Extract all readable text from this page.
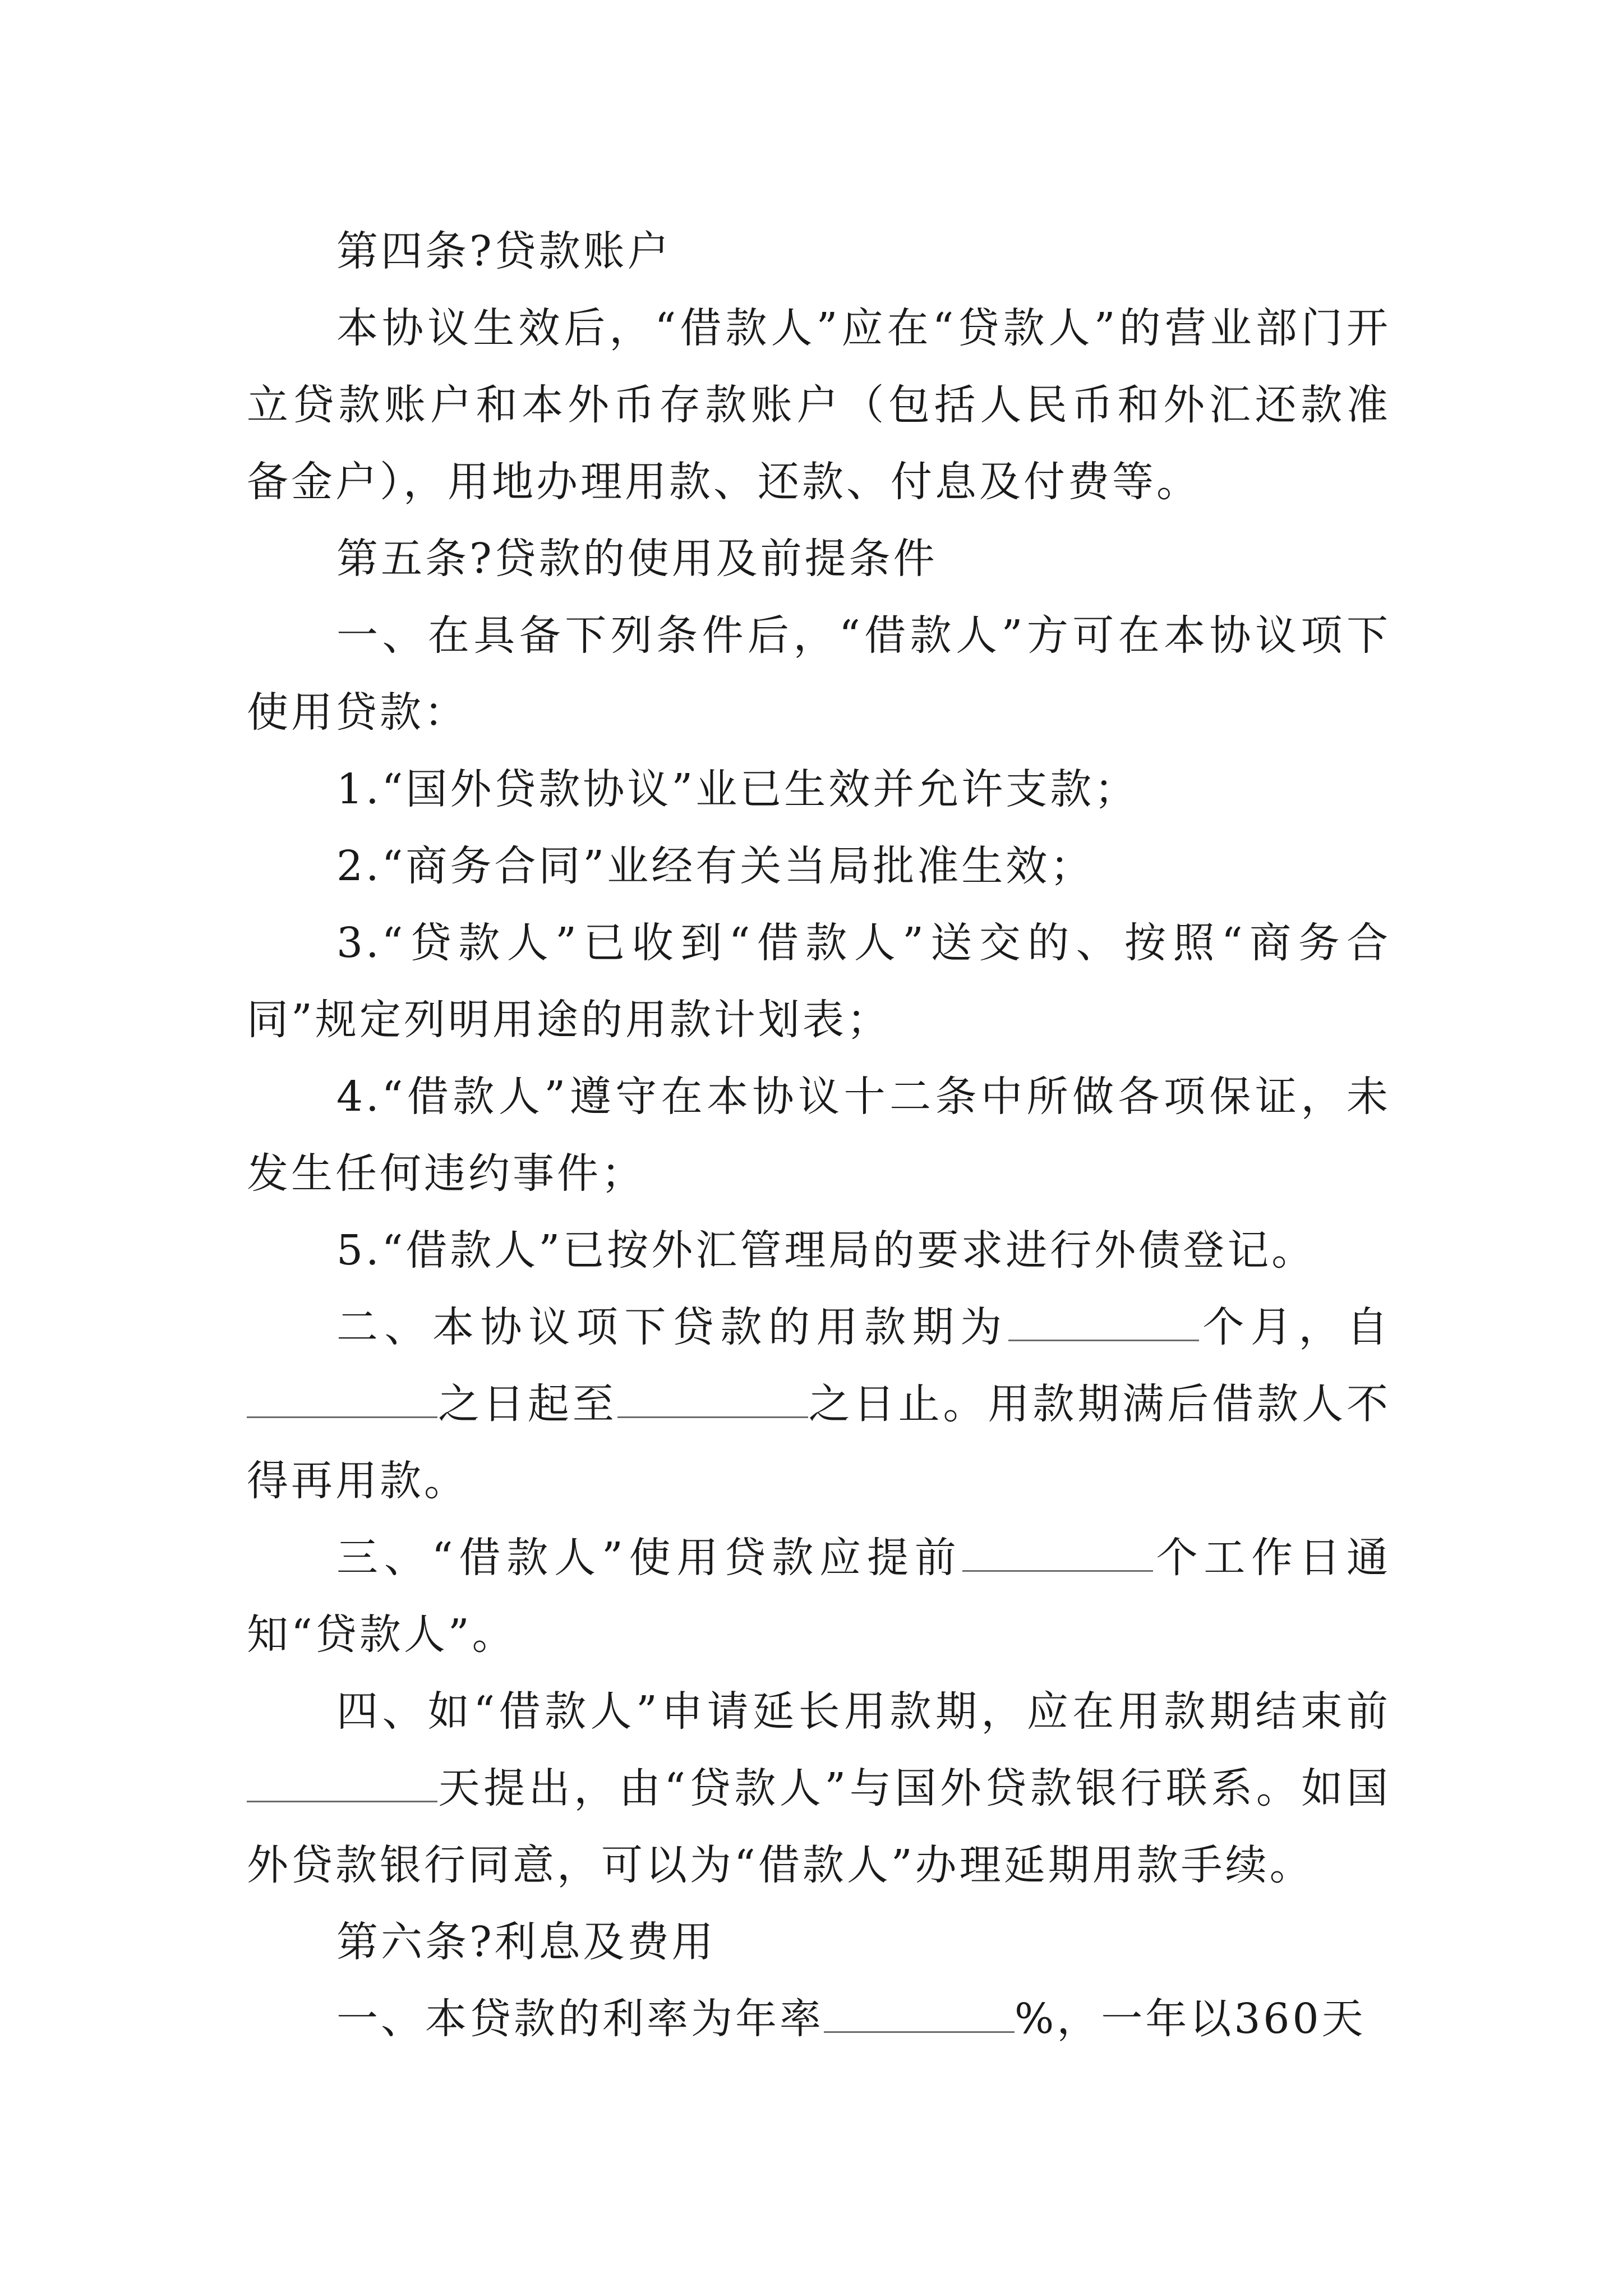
第四条?贷款账户

本协议生效后，“借款人”应在“贷款人”的营业部门开立贷款账户和本外币存款账户（包括人民币和外汇还款准备金户），用地办理用款、还款、付息及付费等。

第五条?贷款的使用及前提条件

一、在具备下列条件后，“借款人”方可在本协议项下使用贷款：

1.“国外贷款协议”业已生效并允许支款；

2.“商务合同”业经有关当局批准生效；

3.“贷款人”已收到“借款人”送交的、按照“商务合同”规定列明用途的用款计划表；

4.“借款人”遵守在本协议十二条中所做各项保证，未发生任何违约事件；

5.“借款人”已按外汇管理局的要求进行外债登记。

二、本协议项下贷款的用款期为	个月，自之日起至	之日止。用款期满后借款人不得再用款。

三、“借款人”使用贷款应提前	个工作日通知“贷款人”。

四、如“借款人”申请延长用款期，应在用款期结束前天提出，由“贷款人”与国外贷款银行联系。如国外贷款银行同意，可以为“借款人”办理延期用款手续。

第六条?利息及费用

一、本贷款的利率为年率	%，一年以360天
